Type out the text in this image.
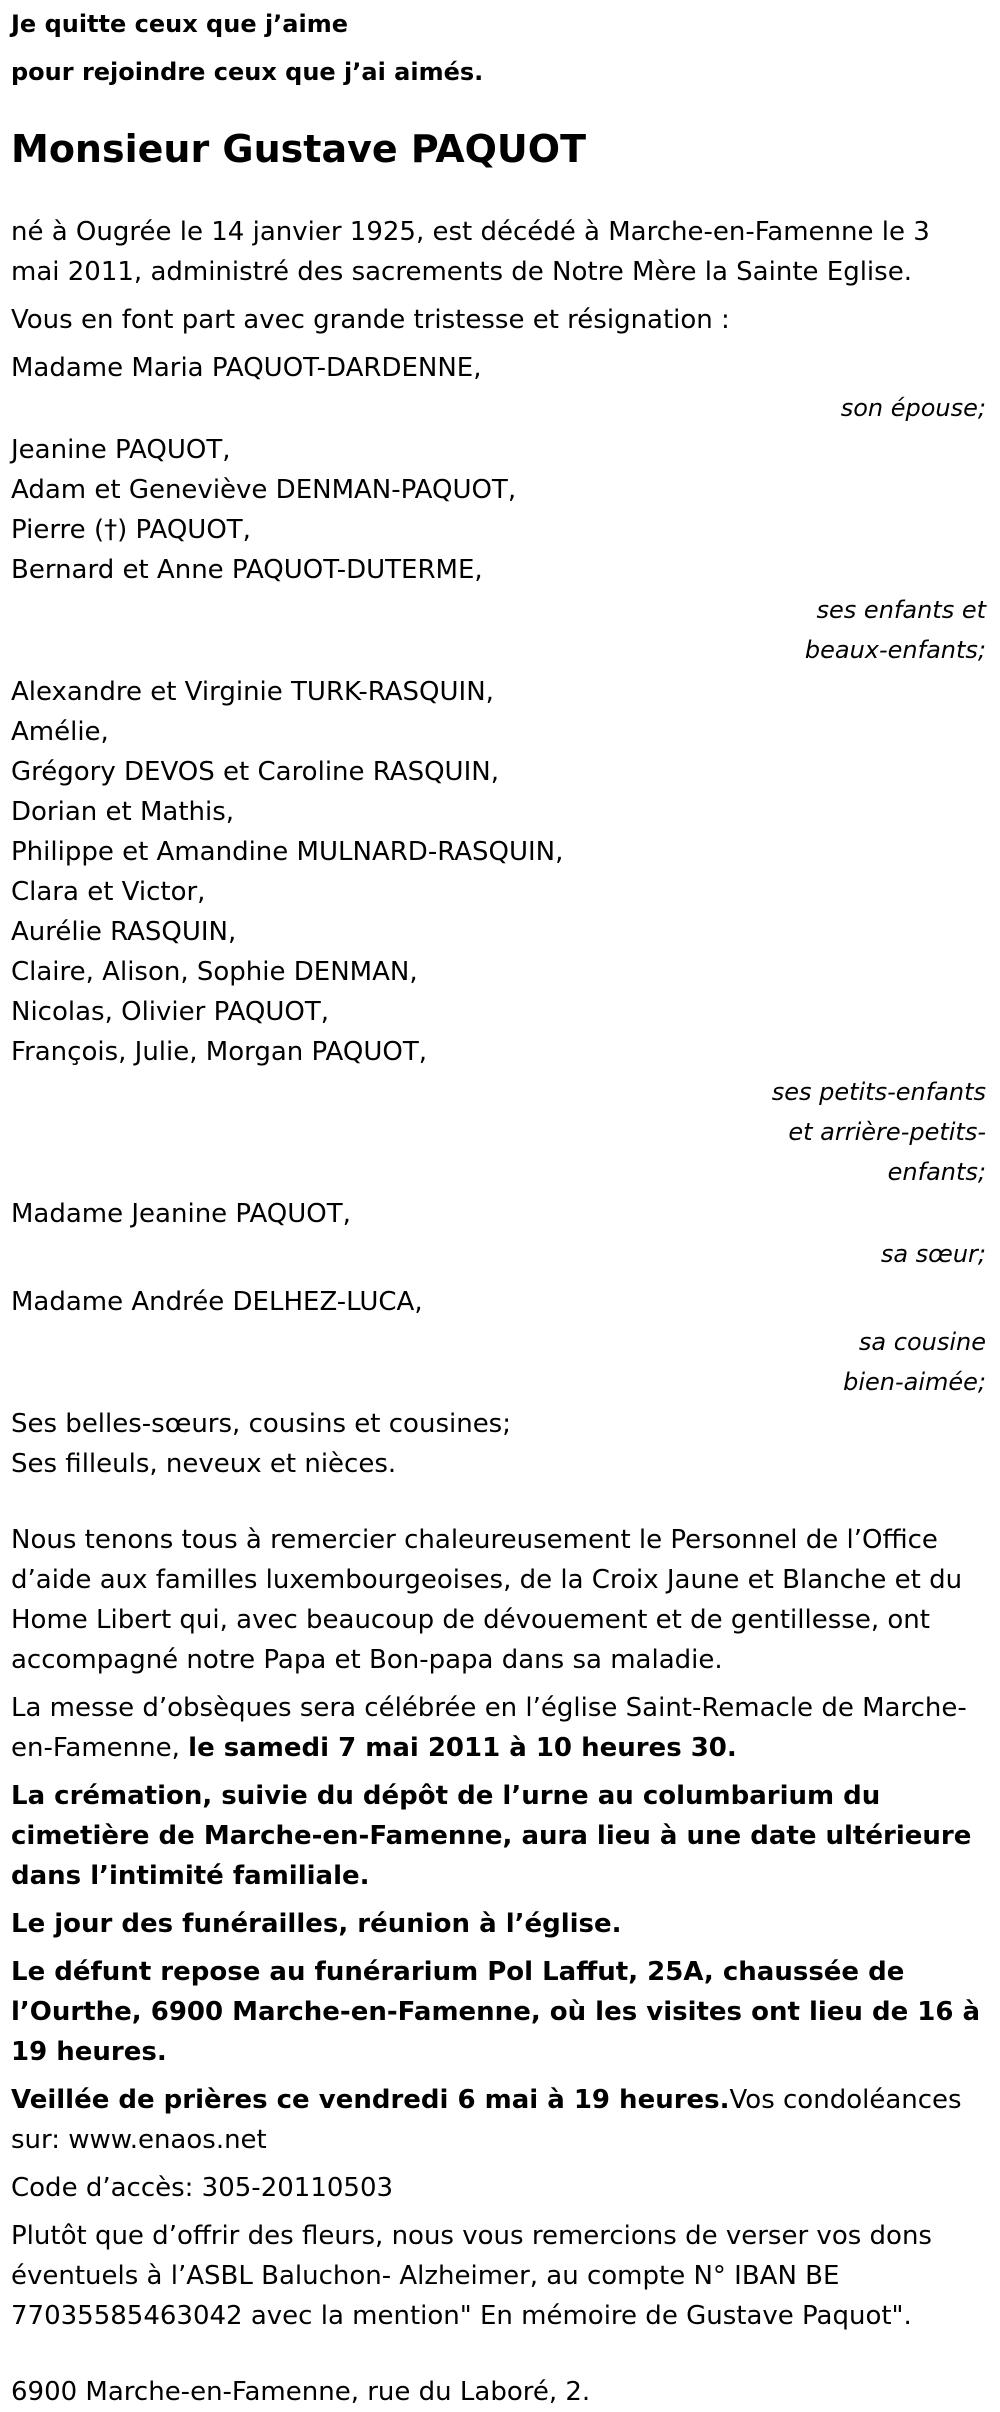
Je quitte ceux que j’aime
pour rejoindre ceux que j’ai aimés.
Monsieur Gustave PAQUOT
né à Ougrée le 14 janvier 1925, est décédé à Marche-en-Famenne le 3
mai 2011, administré des sacrements de Notre Mère la Sainte Eglise.
Vous en font part avec grande tristesse et résignation :
Madame Maria PAQUOT-DARDENNE,
son épouse;
Jeanine PAQUOT,
Adam et Geneviève DENMAN-PAQUOT,
Pierre (†) PAQUOT,
Bernard et Anne PAQUOT-DUTERME,
ses enfants et
beaux-enfants;
Alexandre et Virginie TURK-RASQUIN,
Amélie,
Grégory DEVOS et Caroline RASQUIN,
Dorian et Mathis,
Philippe et Amandine MULNARD-RASQUIN,
Clara et Victor,
Aurélie RASQUIN,
Claire, Alison, Sophie DENMAN,
Nicolas, Olivier PAQUOT,
François, Julie, Morgan PAQUOT,
ses petits-enfants
et arrière-petits-
enfants;
Madame Jeanine PAQUOT,
sa sœur;
Madame Andrée DELHEZ-LUCA,
sa cousine
bien-aimée;
Ses belles-sœurs, cousins et cousines;
Ses filleuls, neveux et nièces.
Nous tenons tous à remercier chaleureusement le Personnel de l’Office d’aide aux familles luxembourgeoises, de la Croix Jaune et Blanche et du Home Libert qui, avec beaucoup de dévouement et de gentillesse, ont accompagné notre Papa et Bon-papa dans sa maladie.
La messe d’obsèques sera célébrée en l’église Saint-Remacle de Marche-en-Famenne, le samedi 7 mai 2011 à 10 heures 30.
La crémation, suivie du dépôt de l’urne au columbarium du cimetière de Marche-en-Famenne, aura lieu à une date ultérieure dans l’intimité familiale.
Le jour des funérailles, réunion à l’église.
Le défunt repose au funérarium Pol Laffut, 25A, chaussée de l’Ourthe, 6900 Marche-en-Famenne, où les visites ont lieu de 16 à 19 heures.
Veillée de prières ce vendredi 6 mai à 19 heures.Vos condoléances sur: www.enaos.net
Code d’accès: 305-20110503
Plutôt que d’offrir des fleurs, nous vous remercions de verser vos dons éventuels à l’ASBL Baluchon- Alzheimer, au compte N° IBAN BE 77035585463042 avec la mention" En mémoire de Gustave Paquot".
6900 Marche-en-Famenne, rue du Laboré, 2.
